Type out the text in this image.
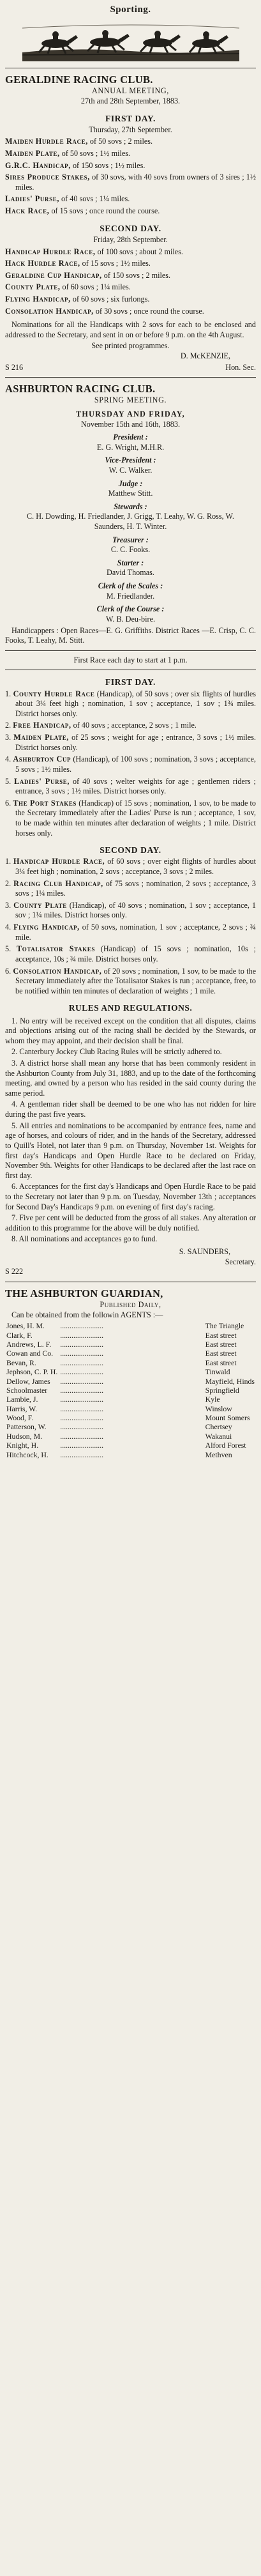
Sporting.
GERALDINE RACING CLUB.
ANNUAL MEETING,
27th and 28th September, 1883.
FIRST DAY.
Thursday, 27th September.
Maiden Hurdle Race, of 50 sovs ; 2 miles.
Maiden Plate, of 50 sovs ; 1½ miles.
G.R.C. Handicap, of 150 sovs ; 1½ miles.
Sires Produce Stakes, of 30 sovs, with 40 sovs from owners of 3 sires ; 1½ miles.
Ladies' Purse, of 40 sovs ; 1¼ miles.
Hack Race, of 15 sovs ; once round the course.
SECOND DAY.
Friday, 28th September.
Handicap Hurdle Race, of 100 sovs ; about 2 miles.
Hack Hurdle Race, of 15 sovs ; 1½ miles.
Geraldine Cup Handicap, of 150 sovs ; 2 miles.
County Plate, of 60 sovs ; 1¼ miles.
Flying Handicap, of 60 sovs ; six furlongs.
Consolation Handicap, of 30 sovs ; once round the course.

Nominations for all the Handicaps with 2 sovs for each to be enclosed and addressed to the Secretary, and sent in on or before 9 p.m. on the 4th August.

See printed programmes.
D. McKENZIE,
S 216	Hon. Sec.
ASHBURTON RACING CLUB.
SPRING MEETING.
THURSDAY AND FRIDAY,
November 15th and 16th, 1883.
President :
E. G. Wright, M.H.R.
Vice-President :
W. C. Walker.
Judge :
Matthew Stitt.
Stewards :
C. H. Dowding, H. Friedlander, J. Grigg, T. Leahy, W. G. Ross, W. Saunders, H. T. Winter.
Treasurer :
C. C. Fooks.
Starter :
David Thomas.
Clerk of the Scales :
M. Friedlander.
Clerk of the Course :
W. B. Deu-bire.

Handicappers : Open Races—E. G. Griffiths. District Races —E. Crisp, C. C. Fooks, T. Leahy, M. Stitt.

First Race each day to start at 1 p.m.
FIRST DAY.
1. County Hurdle Race (Handicap), of 50 sovs ; over six flights of hurdles about 3¼ feet high ; nomination, 1 sov ; acceptance, 1 sov ; 1¾ miles. District horses only.
2. Free Handicap, of 40 sovs ; acceptance, 2 sovs ; 1 mile.
3. Maiden Plate, of 25 sovs ; weight for age ; entrance, 3 sovs ; 1½ miles. District horses only.
4. Ashburton Cup (Handicap), of 100 sovs ; nomination, 3 sovs ; acceptance, 5 sovs ; 1½ miles.
5. Ladies' Purse, of 40 sovs ; welter weights for age ; gentlemen riders ; entrance, 3 sovs ; 1½ miles. District horses only.
6. The Port Stakes (Handicap) of 15 sovs ; nomination, 1 sov, to be made to the Secretary immediately after the Ladies' Purse is run ; acceptance, 1 sov, to be made within ten minutes after declaration of weights ; 1 mile. District horses only.
SECOND DAY.
1. Handicap Hurdle Race, of 60 sovs ; over eight flights of hurdles about 3¼ feet high ; nomination, 2 sovs ; acceptance, 3 sovs ; 2 miles.
2. Racing Club Handicap, of 75 sovs ; nomination, 2 sovs ; acceptance, 3 sovs ; 1¼ miles.
3. County Plate (Handicap), of 40 sovs ; nomination, 1 sov ; acceptance, 1 sov ; 1¼ miles. District horses only.
4. Flying Handicap, of 50 sovs, nomination, 1 sov ; acceptance, 2 sovs ; ¾ mile.
5. Totalisator Stakes (Handicap) of 15 sovs ; nomination, 10s ; acceptance, 10s ; ¾ mile. District horses only.
6. Consolation Handicap, of 20 sovs ; nomination, 1 sov, to be made to the Secretary immediately after the Totalisator Stakes is run ; acceptance, free, to be notified within ten minutes of declaration of weights ; 1 mile.
RULES AND REGULATIONS.

1. No entry will be received except on the condition that all disputes, claims and objections arising out of the racing shall be decided by the Stewards, or whom they may appoint, and their decision shall be final.

2. Canterbury Jockey Club Racing Rules will be strictly adhered to.

3. A district horse shall mean any horse that has been commonly resident in the Ashburton County from July 31, 1883, and up to the date of the forthcoming meeting, and owned by a person who has resided in the said county during the same period.

4. A gentleman rider shall be deemed to be one who has not ridden for hire during the past five years.

5. All entries and nominations to be accompanied by entrance fees, name and age of horses, and colours of rider, and in the hands of the Secretary, addressed to Quill's Hotel, not later than 9 p.m. on Thursday, November 1st. Weights for first day's Handicaps and Open Hurdle Race to be declared on Friday, November 9th. Weights for other Handicaps to be declared after the last race on first day.

6. Acceptances for the first day's Handicaps and Open Hurdle Race to be paid to the Secretary not later than 9 p.m. on Tuesday, November 13th ; acceptances for Second Day's Handicaps 9 p.m. on evening of first day's racing.

7. Five per cent will be deducted from the gross of all stakes. Any alteration or addition to this programme for the above will be duly notified.

8. All nominations and acceptances go to fund.

S. SAUNDERS,
Secretary.
S 222
THE ASHBURTON GUARDIAN,
Published Daily,

Can be obtained from the followin AGENTS :—

Jones, H. M.	.......................	The Triangle
Clark, F.	.......................	East street
Andrews, L. F.	.......................	East street
Cowan and Co.	.......................	East street
Bevan, R.	.......................	East street
Jephson, C. P. H.	.......................	Tinwald
Dellow, James	.......................	Mayfield, Hinds
Schoolmaster	.......................	Springfield
Lambie, J.	.......................	Kyle
Harris, W.	.......................	Winslow
Wood, F.	.......................	Mount Somers
Patterson, W.	.......................	Chertsey
Hudson, M.	.......................	Wakanui
Knight, H.	.......................	Alford Forest
Hitchcock, H.	.......................	Methven
